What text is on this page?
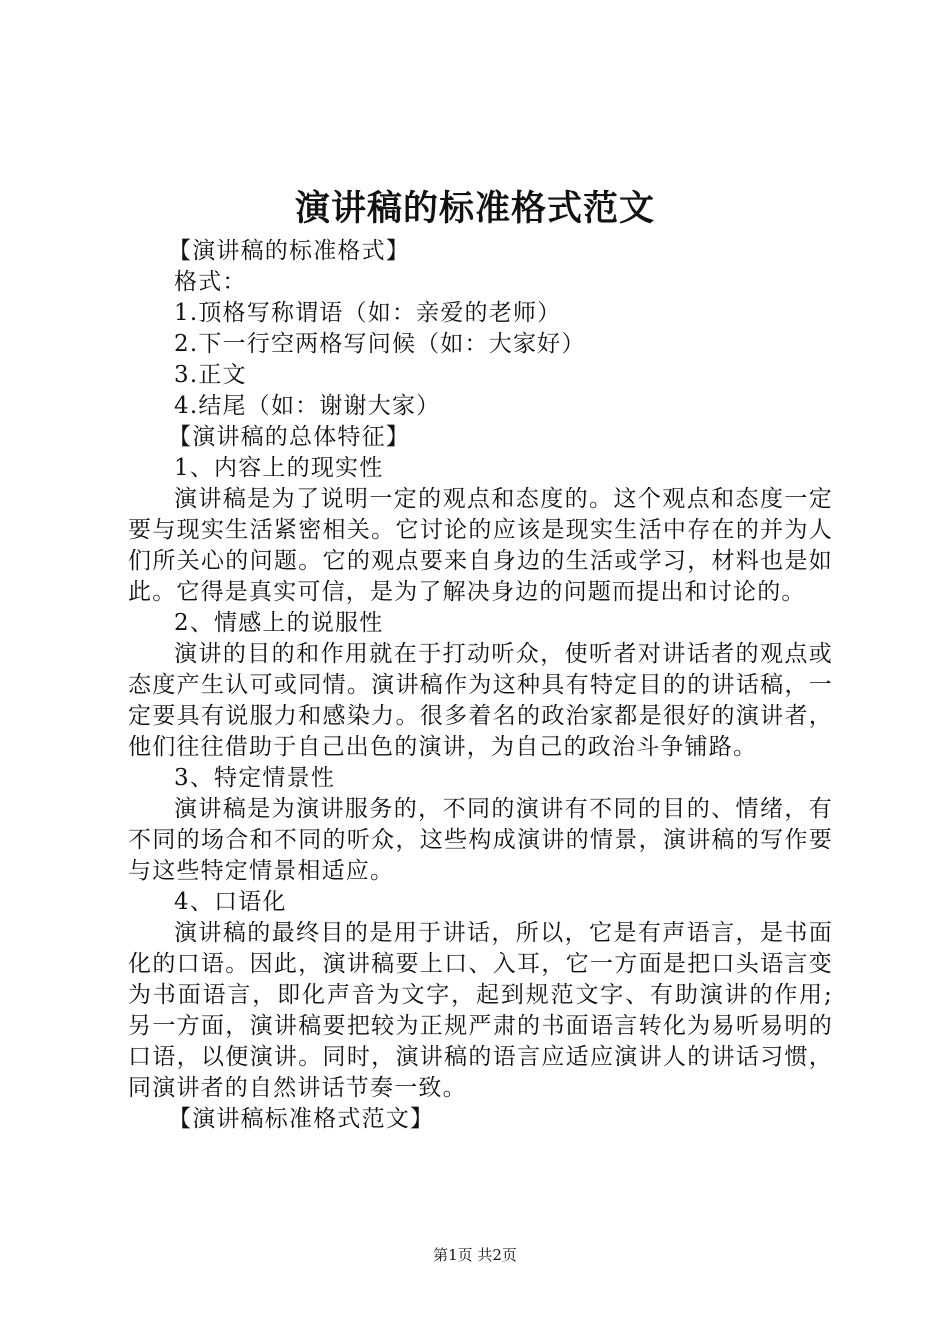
演讲稿的标准格式范文

【演讲稿的标准格式】

格式：

1.顶格写称谓语（如：亲爱的老师）

2.下一行空两格写问候（如：大家好）

3.正文

4.结尾（如：谢谢大家）

【演讲稿的总体特征】

1、内容上的现实性

演讲稿是为了说明一定的观点和态度的。这个观点和态度一定要与现实生活紧密相关。它讨论的应该是现实生活中存在的并为人们所关心的问题。它的观点要来自身边的生活或学习，材料也是如此。它得是真实可信，是为了解决身边的问题而提出和讨论的。

2、情感上的说服性

演讲的目的和作用就在于打动听众，使听者对讲话者的观点或态度产生认可或同情。演讲稿作为这种具有特定目的的讲话稿，一定要具有说服力和感染力。很多着名的政治家都是很好的演讲者，他们往往借助于自己出色的演讲，为自己的政治斗争铺路。

3、特定情景性

演讲稿是为演讲服务的，不同的演讲有不同的目的、情绪，有不同的场合和不同的听众，这些构成演讲的情景，演讲稿的写作要与这些特定情景相适应。

4、口语化

演讲稿的最终目的是用于讲话，所以，它是有声语言，是书面化的口语。因此，演讲稿要上口、入耳，它一方面是把口头语言变为书面语言，即化声音为文字，起到规范文字、有助演讲的作用;另一方面，演讲稿要把较为正规严肃的书面语言转化为易听易明的口语，以便演讲。同时，演讲稿的语言应适应演讲人的讲话习惯，同演讲者的自然讲话节奏一致。

【演讲稿标准格式范文】

第1页 共2页
